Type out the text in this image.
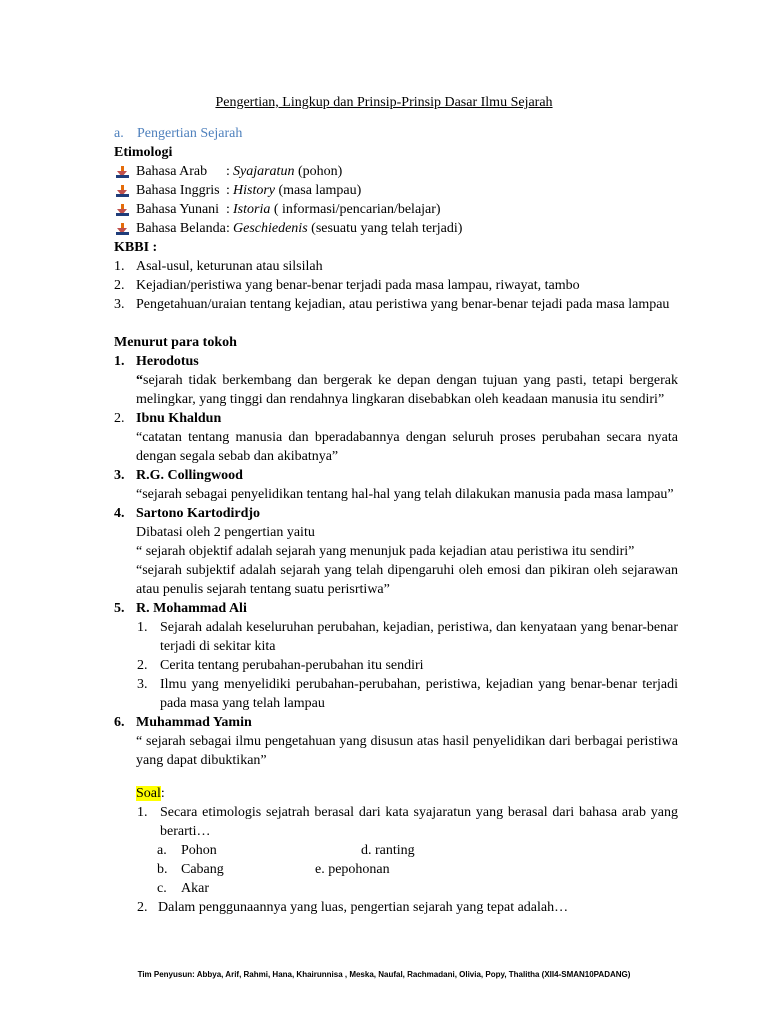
Pengertian, Lingkup dan Prinsip-Prinsip Dasar Ilmu Sejarah
a. Pengertian Sejarah
Etimologi
Bahasa Arab : Syajaratun (pohon)
Bahasa Inggris : History (masa lampau)
Bahasa Yunani : Istoria ( informasi/pencarian/belajar)
Bahasa Belanda : Geschiedenis (sesuatu yang telah terjadi)
KBBI :
1. Asal-usul, keturunan atau silsilah
2. Kejadian/peristiwa yang benar-benar terjadi pada masa lampau, riwayat, tambo
3. Pengetahuan/uraian tentang kejadian, atau peristiwa yang benar-benar tejadi pada masa lampau
Menurut para tokoh
1. Herodotus
“sejarah tidak berkembang dan bergerak ke depan dengan tujuan yang pasti, tetapi bergerak
melingkar, yang tinggi dan rendahnya lingkaran disebabkan oleh keadaan manusia itu sendiri”
2. Ibnu Khaldun
“catatan tentang manusia dan bperadabannya dengan seluruh proses perubahan secara nyata
dengan segala sebab dan akibatnya”
3. R.G. Collingwood
“sejarah sebagai penyelidikan tentang hal-hal yang telah dilakukan manusia pada masa lampau”
4. Sartono Kartodirdjo
Dibatasi oleh 2 pengertian yaitu
“ sejarah objektif adalah sejarah yang menunjuk pada kejadian atau peristiwa itu sendiri”
“sejarah subjektif adalah sejarah yang telah dipengaruhi oleh emosi dan pikiran oleh sejarawan
atau penulis sejarah tentang suatu perisrtiwa”
5. R. Mohammad Ali
1. Sejarah adalah keseluruhan perubahan, kejadian, peristiwa, dan kenyataan yang benar-benar
terjadi di sekitar kita
2. Cerita tentang perubahan-perubahan itu sendiri
3. Ilmu yang menyelidiki perubahan-perubahan, peristiwa, kejadian yang benar-benar terjadi
pada masa yang telah lampau
6. Muhammad Yamin
“ sejarah sebagai ilmu pengetahuan yang disusun atas hasil penyelidikan dari berbagai peristiwa
yang dapat dibuktikan”
Soal:
1. Secara etimologis sejatrah berasal dari kata syajaratun yang berasal dari bahasa arab yang
berarti…
a. Pohon	d. ranting
b. Cabang	e. pepohonan
c. Akar
2. Dalam penggunaannya yang luas, pengertian sejarah yang tepat adalah…
Tim Penyusun: Abbya, Arif, Rahmi, Hana, Khairunnisa , Meska, Naufal, Rachmadani, Olivia, Popy, Thalitha (XII4-SMAN10PADANG)
